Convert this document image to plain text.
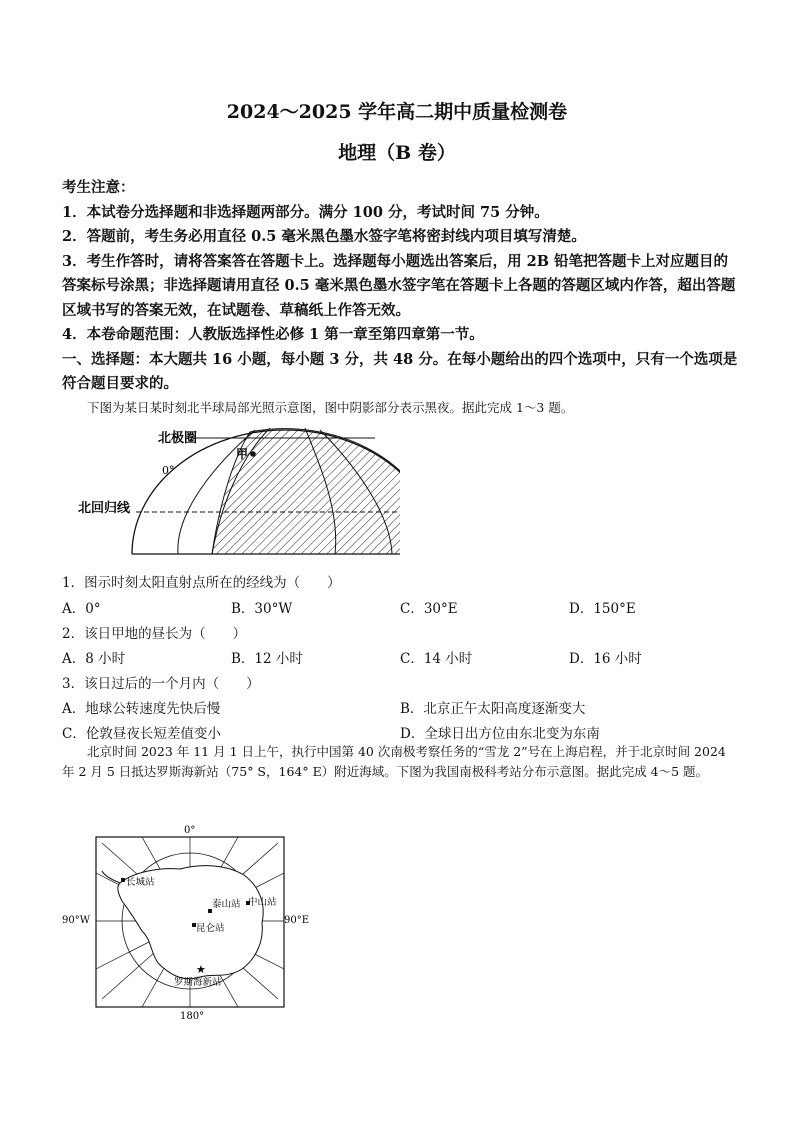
2024～2025 学年高二期中质量检测卷
地理（B 卷）

考生注意：

1．本试卷分选择题和非选择题两部分。满分 100 分，考试时间 75 分钟。

2．答题前，考生务必用直径 0.5 毫米黑色墨水签字笔将密封线内项目填写清楚。

3．考生作答时，请将答案答在答题卡上。选择题每小题选出答案后，用 2B 铅笔把答题卡上对应题目的答案标号涂黑；非选择题请用直径 0.5 毫米黑色墨水签字笔在答题卡上各题的答题区域内作答，超出答题区域书写的答案无效，在试题卷、草稿纸上作答无效。

4．本卷命题范围：人教版选择性必修 1 第一章至第四章第一节。

一、选择题：本大题共 16 小题，每小题 3 分，共 48 分。在每小题给出的四个选项中，只有一个选项是符合题目要求的。

下图为某日某时刻北半球局部光照示意图，图中阴影部分表示黑夜。据此完成 1～3 题。
甲
北极圈
0°
北回归线
1．图示时刻太阳直射点所在的经线为（　　）
A．0°	B．30°W	C．30°E	D．150°E
2．该日甲地的昼长为（　　）
A．8 小时	B．12 小时	C．14 小时	D．16 小时
3．该日过后的一个月内（　　）
A．地球公转速度先快后慢	B．北京正午太阳高度逐渐变大
C．伦敦昼夜长短差值变小	D．全球日出方位由东北变为东南
北京时间 2023 年 11 月 1 日上午，执行中国第 40 次南极考察任务的“雪龙 2”号在上海启程，并于北京时间 2024 年 2 月 5 日抵达罗斯海新站（75° S，164° E）附近海域。下图为我国南极科考站分布示意图。据此完成 4～5 题。
0°
180°
90°W	90°E
长城站
泰山站 中山站
昆仑站
★
罗斯海新站
